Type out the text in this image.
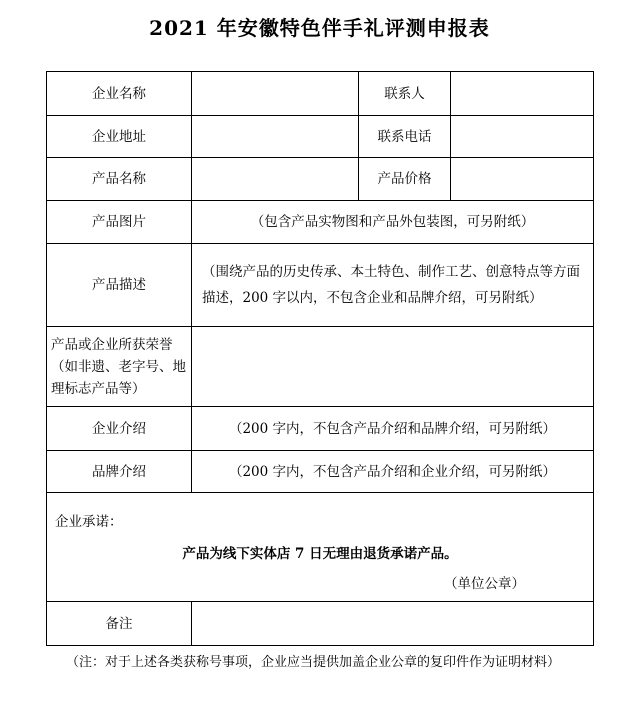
2021 年安徽特色伴手礼评测申报表
企业名称		联系人	
企业地址		联系电话	
产品名称		产品价格	
产品图片	（包含产品实物图和产品外包装图，可另附纸）		
产品描述	（围绕产品的历史传承、本土特色、制作工艺、创意特点等方面描述，200 字以内，不包含企业和品牌介绍，可另附纸）		
产品或企业所获荣誉（如非遗、老字号、地理标志产品等）			
企业介绍	（200 字内，不包含产品介绍和品牌介绍，可另附纸）		
品牌介绍	（200 字内，不包含产品介绍和企业介绍，可另附纸）		

企业承诺：
产品为线下实体店 7 日无理由退货承诺产品。
（单位公章）			

备注			
（注：对于上述各类获称号事项，企业应当提供加盖企业公章的复印件作为证明材料）
